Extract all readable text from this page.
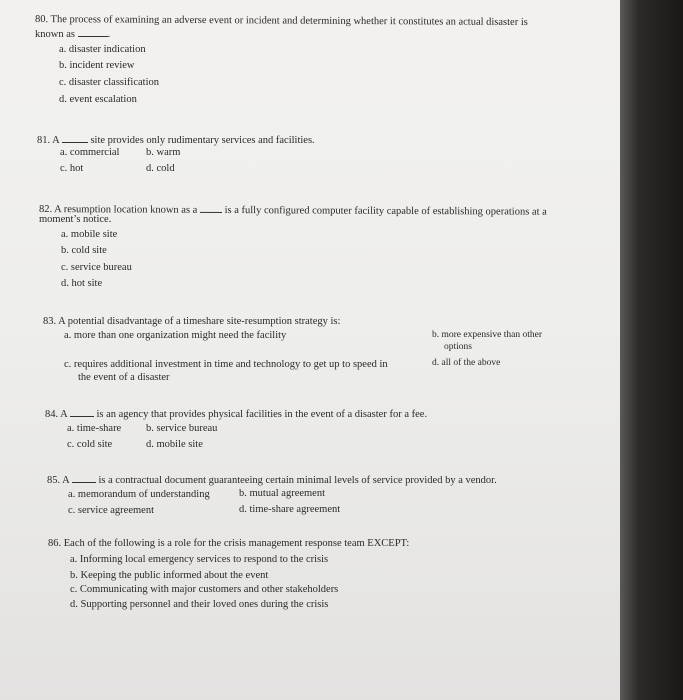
80. The process of examining an adverse event or incident and determining whether it constitutes an actual disaster is
known as	.
a. disaster indication
b. incident review
c. disaster classification
d. event escalation
81. A	site provides only rudimentary services and facilities.
a. commercial	b. warm
c. hot	d. cold
82. A resumption location known as a	is a fully configured computer facility capable of establishing operations at a
moment’s notice.
a. mobile site
b. cold site
c. service bureau
d. hot site
83. A potential disadvantage of a timeshare site-resumption strategy is:
a. more than one organization might need the facility	b. more expensive than other
options
c. requires additional investment in time and technology to get up to speed in
the event of a disaster
d. all of the above
84. A	is an agency that provides physical facilities in the event of a disaster for a fee.
a. time-share b. service bureau
c. cold site	d. mobile site
85. A	is a contractual document guaranteeing certain minimal levels of service provided by a vendor.
a. memorandum of understanding	b. mutual agreement
c. service agreement	d. time-share agreement
86. Each of the following is a role for the crisis management response team EXCEPT:
a. Informing local emergency services to respond to the crisis
b. Keeping the public informed about the event
c. Communicating with major customers and other stakeholders
d. Supporting personnel and their loved ones during the crisis
